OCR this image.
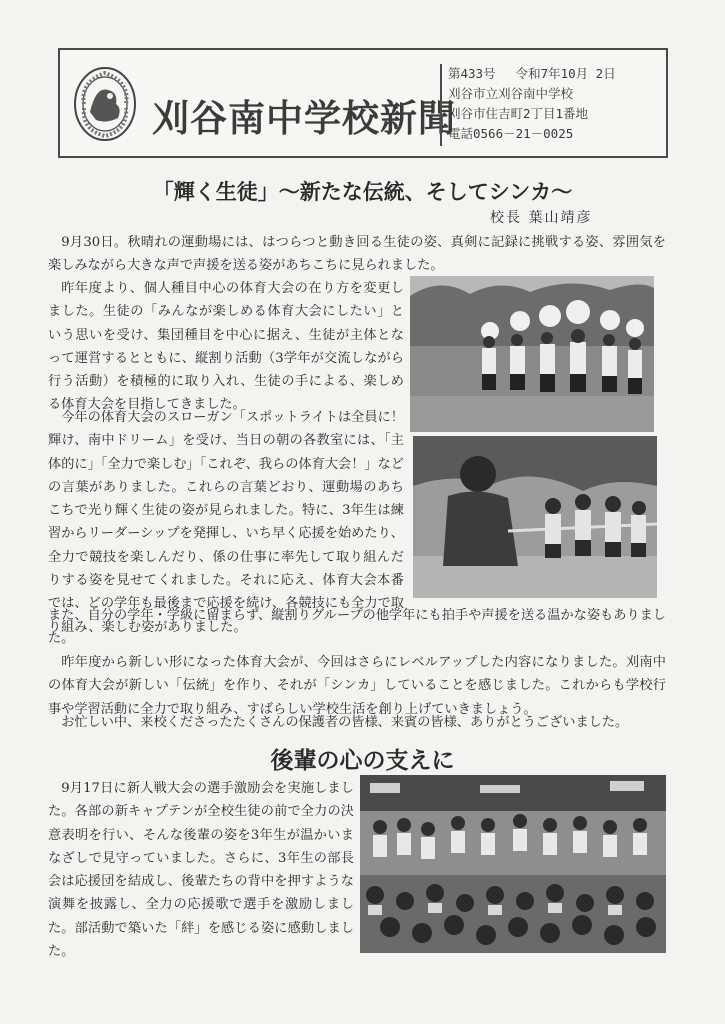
刈谷南中学校新聞
第433号 令和7年10月 2日
刈谷市立刈谷南中学校
刈谷市住吉町2丁目1番地
電話0566－21－0025
「輝く生徒」～新たな伝統、そしてシンカ～
校長 葉山靖彦

9月30日。秋晴れの運動場には、はつらつと動き回る生徒の姿、真剣に記録に挑戦する姿、雰囲気を楽しみながら大きな声で声援を送る姿があちこちに見られました。

昨年度より、個人種目中心の体育大会の在り方を変更しました。生徒の「みんなが楽しめる体育大会にしたい」という思いを受け、集団種目を中心に据え、生徒が主体となって運営するとともに、縦割り活動（3学年が交流しながら行う活動）を積極的に取り入れ、生徒の手による、楽しめる体育大会を目指してきました。

今年の体育大会のスローガン「スポットライトは全員に！輝け、南中ドリーム」を受け、当日の朝の各教室には、「主体的に」「全力で楽しむ」「これぞ、我らの体育大会！」などの言葉がありました。これらの言葉どおり、運動場のあちこちで光り輝く生徒の姿が見られました。特に、3年生は練習からリーダーシップを発揮し、いち早く応援を始めたり、全力で競技を楽しんだり、係の仕事に率先して取り組んだりする姿を見せてくれました。それに応え、体育大会本番では、どの学年も最後まで応援を続け、各競技にも全力で取り組み、楽しむ姿がありました。

また、自分の学年・学級に留まらず、縦割りグループの他学年にも拍手や声援を送る温かな姿もありました。

昨年度から新しい形になった体育大会が、今回はさらにレベルアップした内容になりました。刈南中の体育大会が新しい「伝統」を作り、それが「シンカ」していることを感じました。これからも学校行事や学習活動に全力で取り組み、すばらしい学校生活を創り上げていきましょう。

お忙しい中、来校くださったたくさんの保護者の皆様、来賓の皆様、ありがとうございました。

後輩の心の支えに

9月17日に新人戦大会の選手激励会を実施しました。各部の新キャプテンが全校生徒の前で全力の決意表明を行い、そんな後輩の姿を3年生が温かいまなざしで見守っていました。さらに、3年生の部長会は応援団を結成し、後輩たちの背中を押すような演舞を披露し、全力の応援歌で選手を激励しました。部活動で築いた「絆」を感じる姿に感動しました。
